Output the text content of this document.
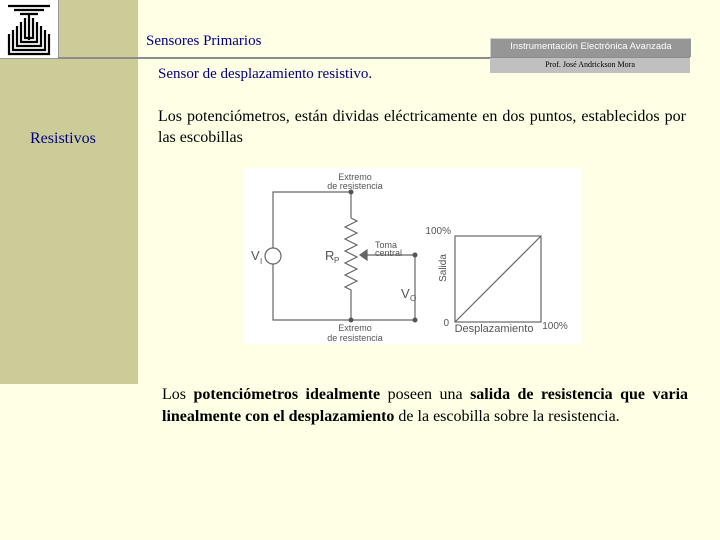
Sensores Primarios
Sensor de desplazamiento resistivo.
Instrumentación Electrónica Avanzada
Prof. José Andrickson Mora
Resistivos
Los potenciómetros, están dividas eléctricamente en dos puntos, establecidos por las escobillas
Extremo
de resistencia
Extremo
de resistencia
V I	R P
Toma
central
V O
100%
0
Salida
Desplazamiento 100%
Los potenciómetros idealmente poseen una salida de resistencia que varia linealmente con el desplazamiento de la escobilla sobre la resistencia.
